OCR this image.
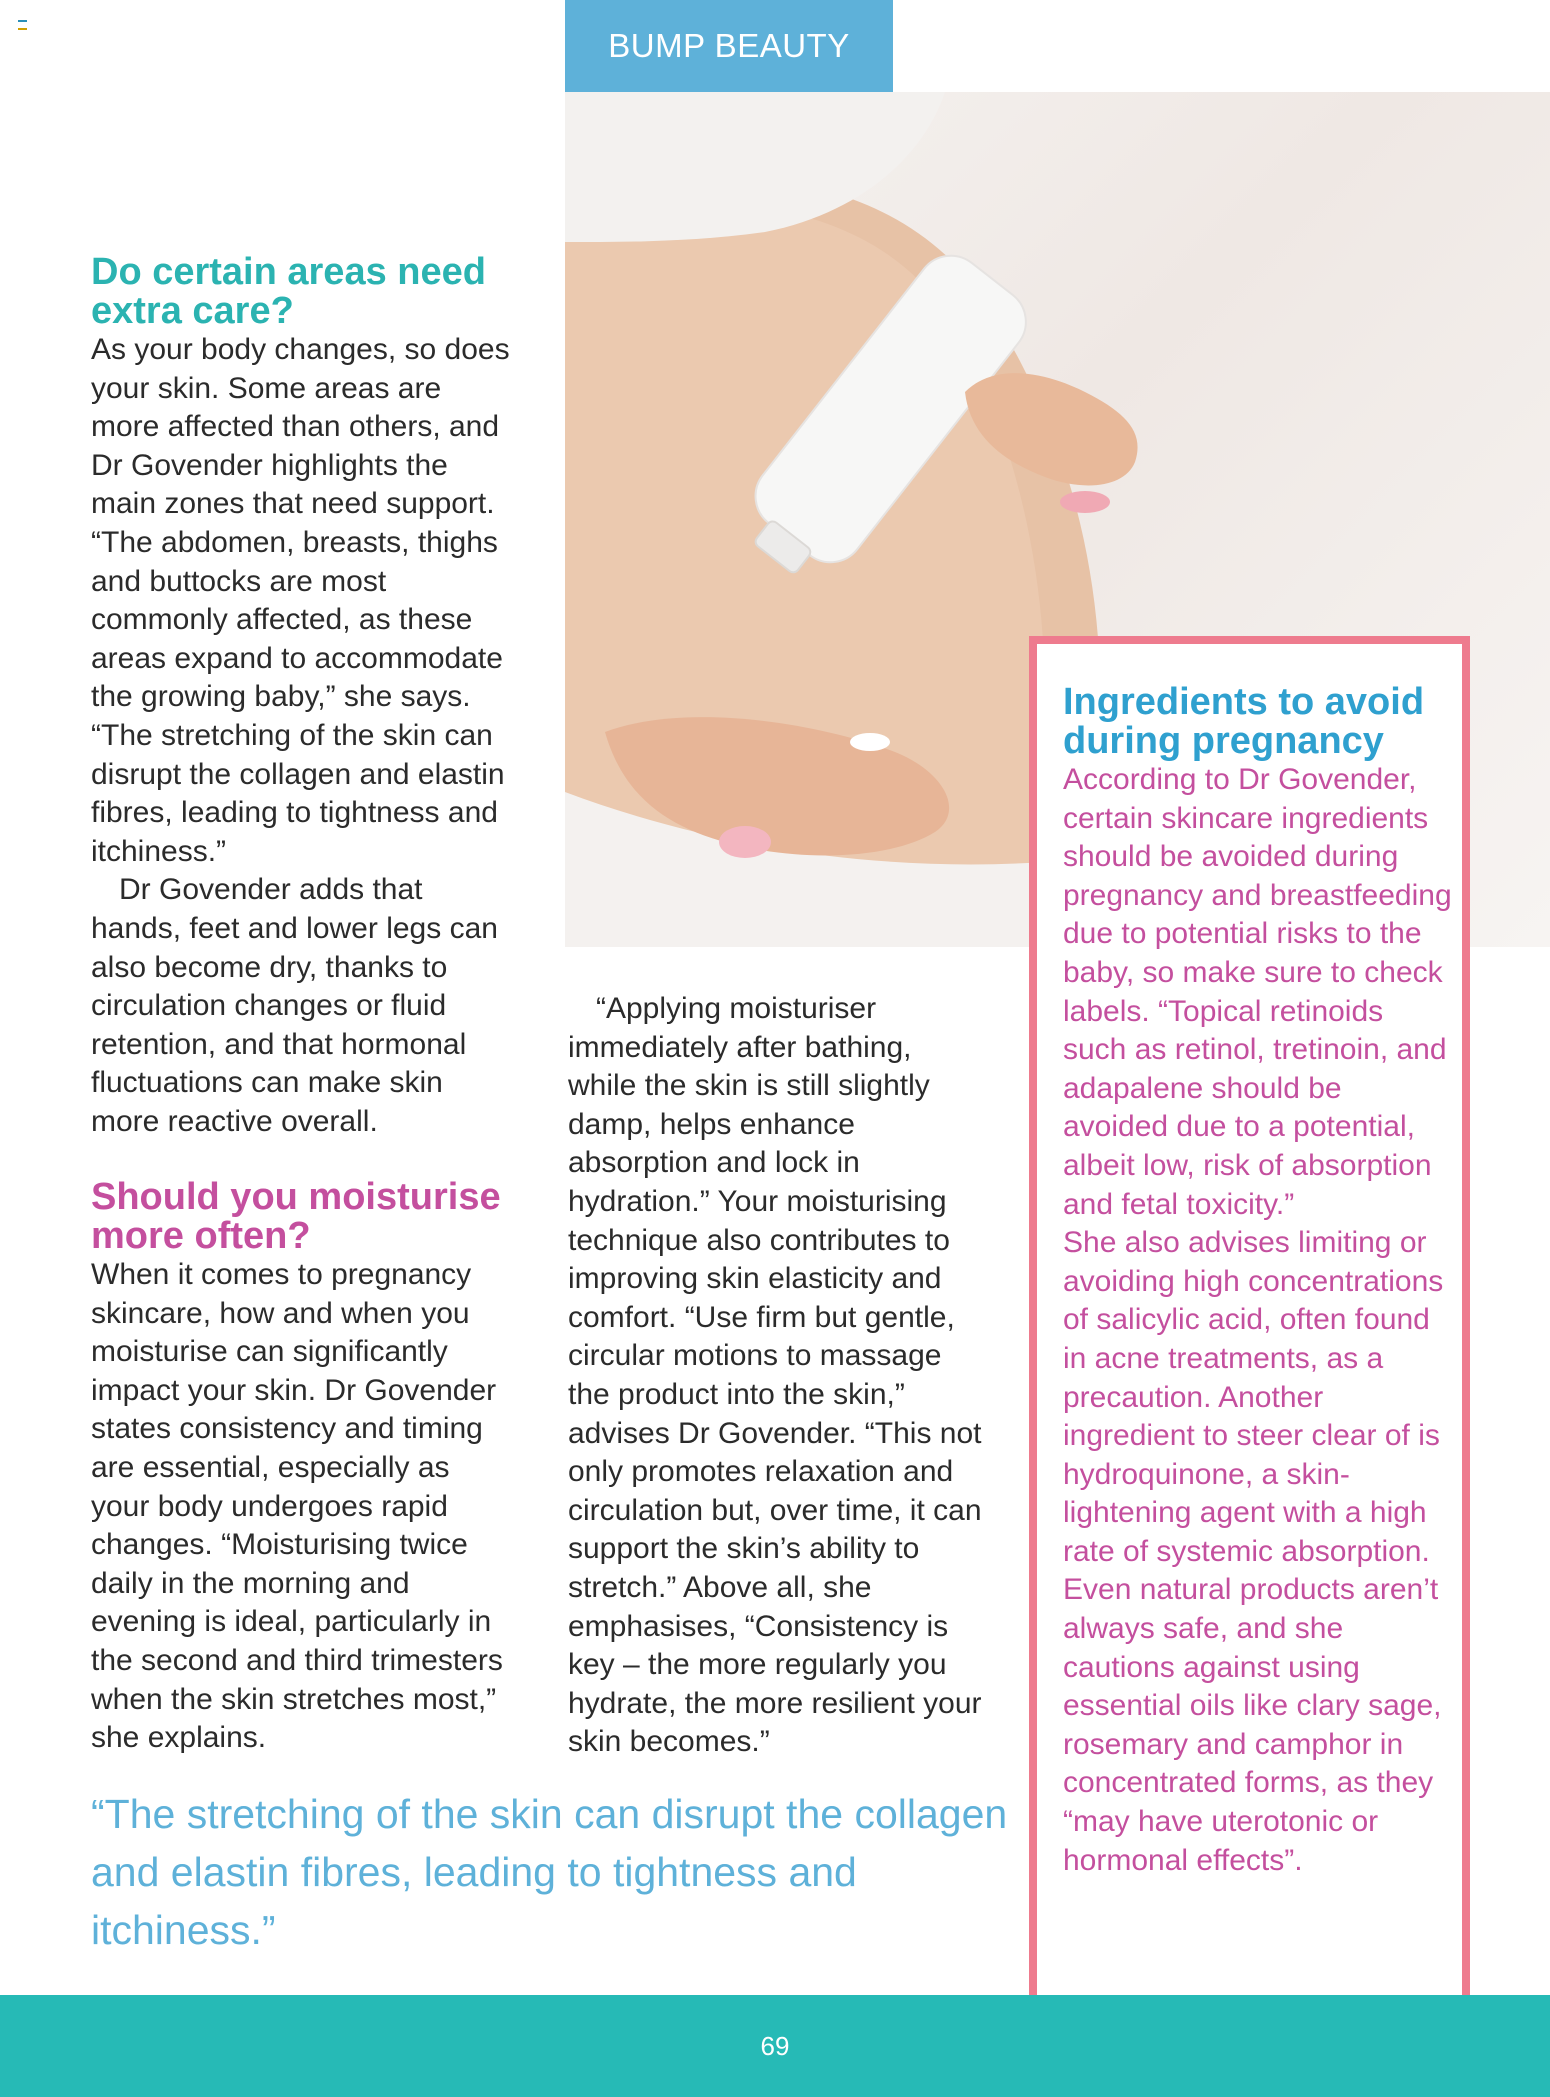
BUMP BEAUTY
Do certain areas need extra care?

As your body changes, so does your skin. Some areas are more affected than others, and Dr Govender highlights the main zones that need support. “The abdomen, breasts, thighs and buttocks are most commonly affected, as these areas expand to accommodate the growing baby,” she says. “The stretching of the skin can disrupt the collagen and elastin fibres, leading to tightness and itchiness.”

Dr Govender adds that hands, feet and lower legs can also become dry, thanks to circulation changes or fluid retention, and that hormonal fluctuations can make skin more reactive overall.

Should you moisturise more often?

When it comes to pregnancy skincare, how and when you moisturise can significantly impact your skin. Dr Govender states consistency and timing are essential, especially as your body undergoes rapid changes. “Moisturising twice daily in the morning and evening is ideal, particularly in the second and third trimesters when the skin stretches most,” she explains.

“Applying moisturiser immediately after bathing, while the skin is still slightly damp, helps enhance absorption and lock in hydration.” Your moisturising technique also contributes to improving skin elasticity and comfort. “Use firm but gentle, circular motions to massage the product into the skin,” advises Dr Govender. “This not only promotes relaxation and circulation but, over time, it can support the skin’s ability to stretch.” Above all, she emphasises, “Consistency is key – the more regularly you hydrate, the more resilient your skin becomes.”

“The stretching of the skin can disrupt the collagen and elastin fibres, leading to tightness and itchiness.”

Ingredients to avoid during pregnancy

According to Dr Govender, certain skincare ingredients should be avoided during pregnancy and breastfeeding due to potential risks to the baby, so make sure to check labels. “Topical retinoids such as retinol, tretinoin, and adapalene should be avoided due to a potential, albeit low, risk of absorption and fetal toxicity.”

She also advises limiting or avoiding high concentrations of salicylic acid, often found in acne treatments, as a precaution. Another ingredient to steer clear of is hydroquinone, a skin-lightening agent with a high rate of systemic absorption. Even natural products aren’t always safe, and she cautions against using essential oils like clary sage, rosemary and camphor in concentrated forms, as they “may have uterotonic or hormonal effects”.

69
